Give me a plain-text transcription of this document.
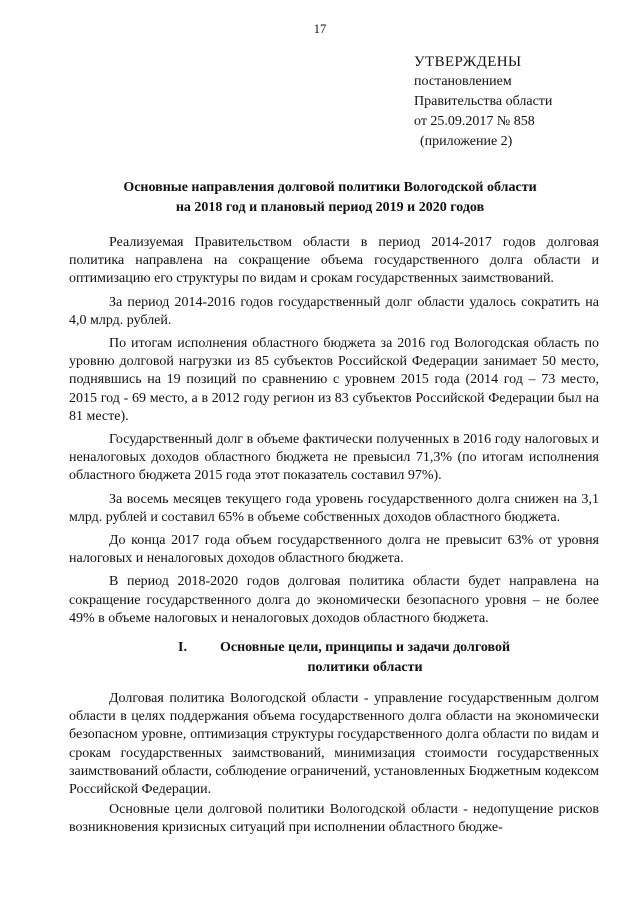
17
УТВЕРЖДЕНЫ
постановлением
Правительства области
от 25.09.2017 № 858
(приложение 2)
Основные направления долговой политики Вологодской области
на 2018 год и плановый период 2019 и 2020 годов

Реализуемая Правительством области в период 2014-2017 годов долговая политика направлена на сокращение объема государственного долга области и оптимизацию его структуры по видам и срокам государственных заимствований.

За период 2014-2016 годов государственный долг области удалось сократить на 4,0 млрд. рублей.

По итогам исполнения областного бюджета за 2016 год Вологодская область по уровню долговой нагрузки из 85 субъектов Российской Федерации занимает 50 место, поднявшись на 19 позиций по сравнению с уровнем 2015 года (2014 год – 73 место, 2015 год - 69 место, а в 2012 году регион из 83 субъектов Российской Федерации был на 81 месте).

Государственный долг в объеме фактически полученных в 2016 году налоговых и неналоговых доходов областного бюджета не превысил 71,3% (по итогам исполнения областного бюджета 2015 года этот показатель составил 97%).

За восемь месяцев текущего года уровень государственного долга снижен на 3,1 млрд. рублей и составил 65% в объеме собственных доходов областного бюджета.

До конца 2017 года объем государственного долга не превысит 63% от уровня налоговых и неналоговых доходов областного бюджета.

В период 2018-2020 годов долговая политика области будет направлена на сокращение государственного долга до экономически безопасного уровня – не более 49% в объеме налоговых и неналоговых доходов областного бюджета.

I.	Основные цели, принципы и задачи долговой
политики области

Долговая политика Вологодской области - управление государственным долгом области в целях поддержания объема государственного долга области на экономически безопасном уровне, оптимизация структуры государственного долга области по видам и срокам государственных заимствований, минимизация стоимости государственных заимствований области, соблюдение ограничений, установленных Бюджетным кодексом Российской Федерации.

Основные цели долговой политики Вологодской области - недопущение рисков возникновения кризисных ситуаций при исполнении областного бюдже-
